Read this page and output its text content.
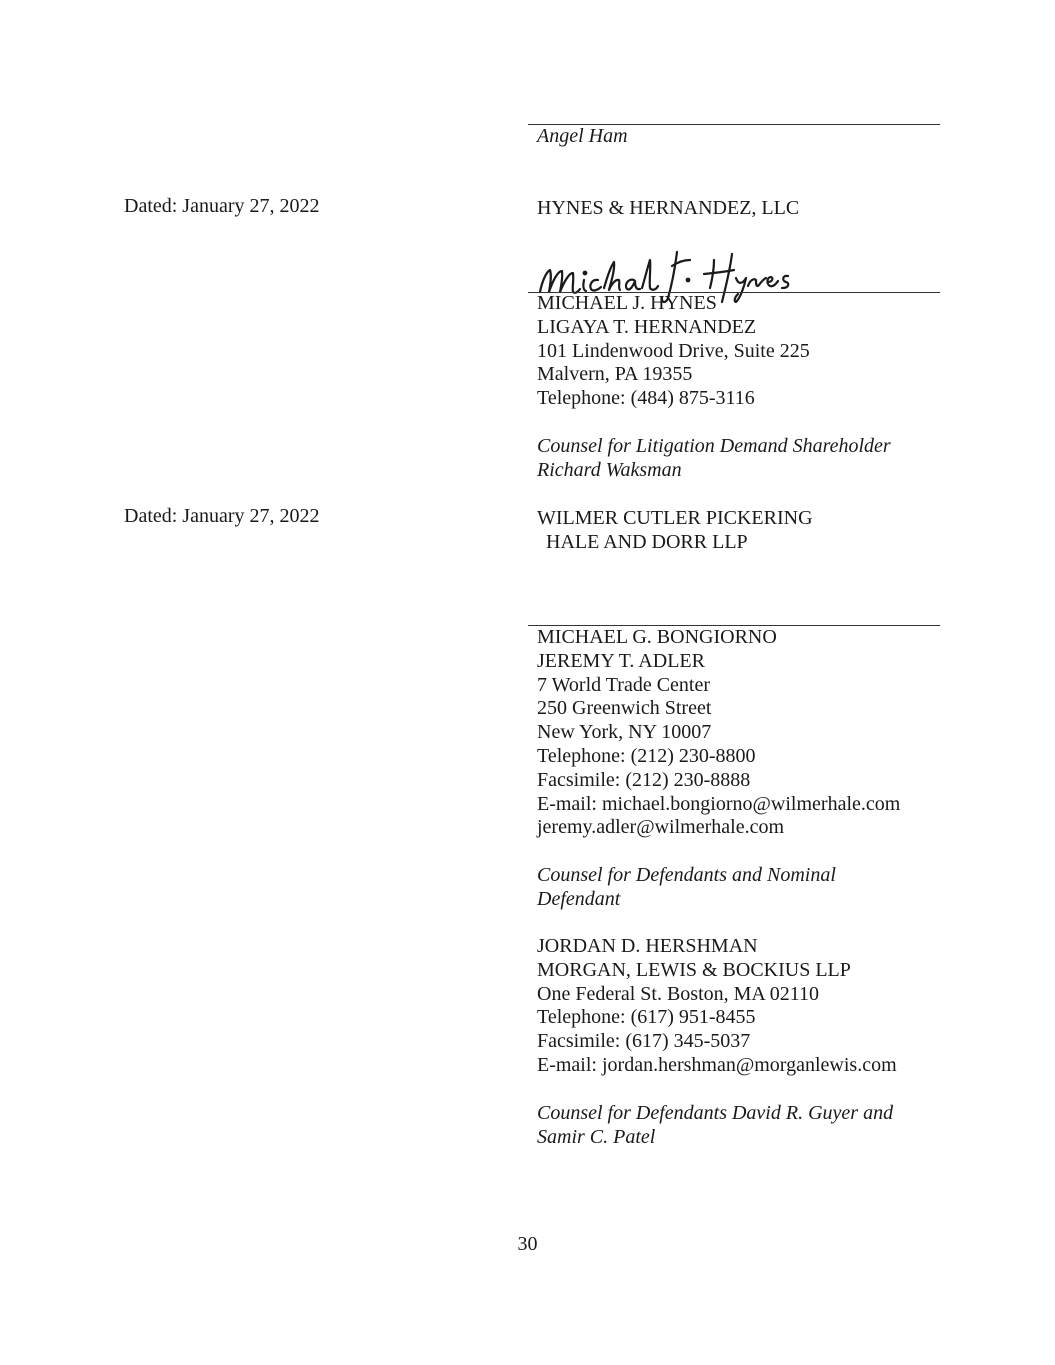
Angel Ham
Dated: January 27, 2022	HYNES & HERNANDEZ, LLC
MICHAEL J. HYNES
LIGAYA T. HERNANDEZ
101 Lindenwood Drive, Suite 225
Malvern, PA 19355
Telephone: (484) 875-3116
Counsel for Litigation Demand Shareholder
Richard Waksman
Dated: January 27, 2022	WILMER CUTLER PICKERING
HALE AND DORR LLP
MICHAEL G. BONGIORNO
JEREMY T. ADLER
7 World Trade Center
250 Greenwich Street
New York, NY 10007
Telephone: (212) 230-8800
Facsimile: (212) 230-8888
E-mail: michael.bongiorno@wilmerhale.com
jeremy.adler@wilmerhale.com
Counsel for Defendants and Nominal
Defendant
JORDAN D. HERSHMAN
MORGAN, LEWIS & BOCKIUS LLP
One Federal St. Boston, MA 02110
Telephone: (617) 951-8455
Facsimile: (617) 345-5037
E-mail: jordan.hershman@morganlewis.com
Counsel for Defendants David R. Guyer and
Samir C. Patel
30
